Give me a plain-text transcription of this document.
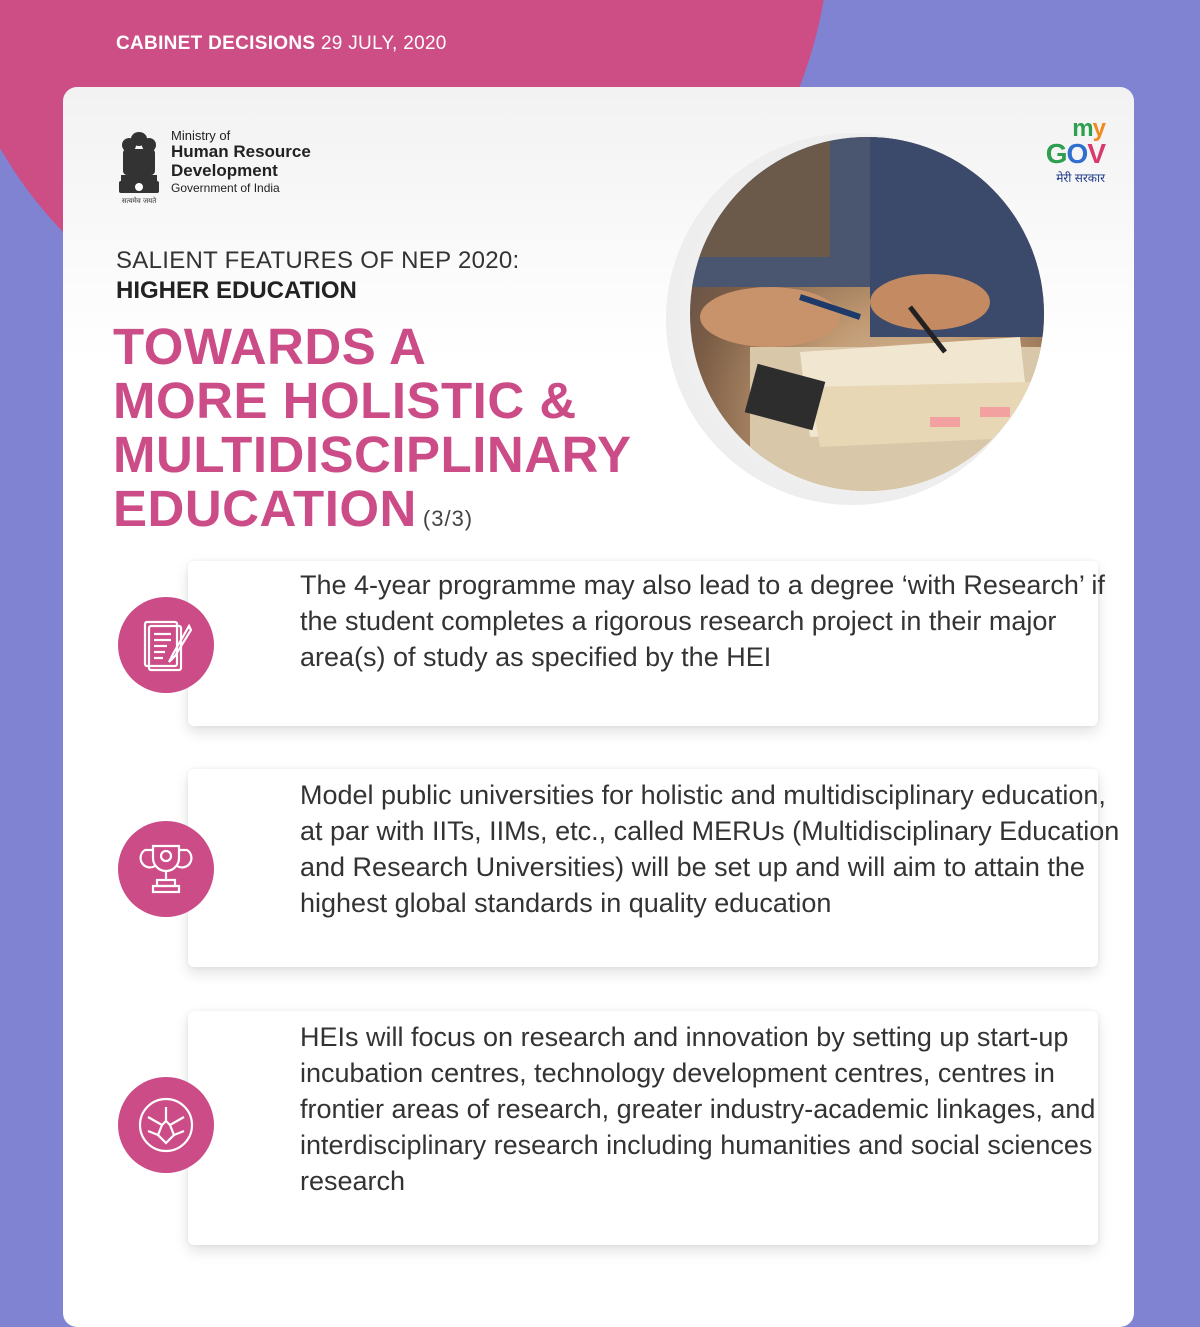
CABINET DECISIONS 29 JULY, 2020
सत्यमेव जयते
Ministry of
Human Resource
Development
Government of India
my
GOV
मेरी सरकार
SALIENT FEATURES OF NEP 2020:
HIGHER EDUCATION
TOWARDS A
MORE HOLISTIC &
MULTIDISCIPLINARY
EDUCATION (3/3)
The 4-year programme may also lead to a degree ‘with Research’ if the student completes a rigorous research project in their major area(s) of study as specified by the HEI
Model public universities for holistic and multidisciplinary education, at par with IITs, IIMs, etc., called MERUs (Multidisciplinary Education and Research Universities) will be set up and will aim to attain the highest global standards in quality education
HEIs will focus on research and innovation by setting up start-up incubation centres, technology development centres, centres in frontier areas of research, greater industry-academic linkages, and interdisciplinary research including humanities and social sciences research
